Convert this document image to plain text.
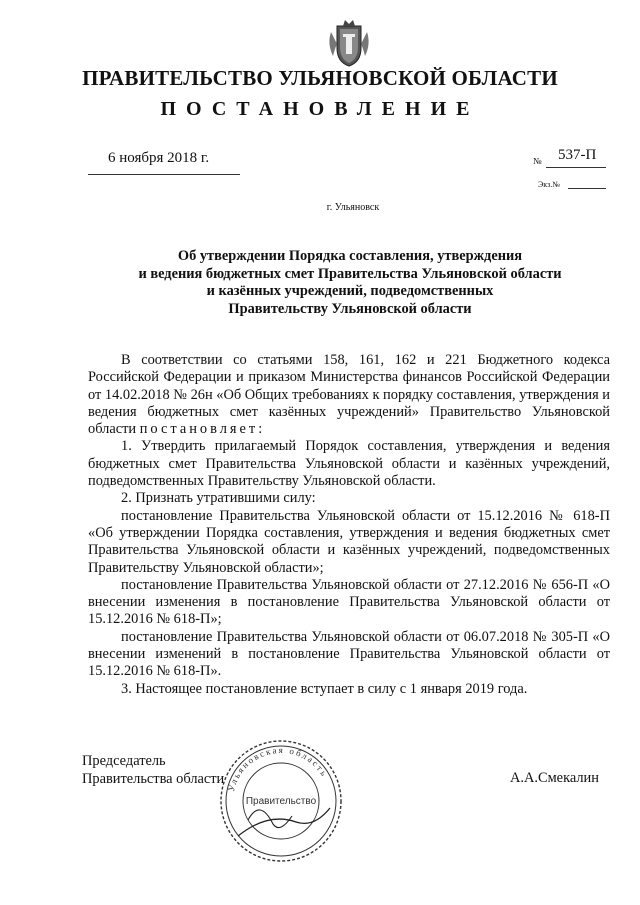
ПРАВИТЕЛЬСТВО УЛЬЯНОВСКОЙ ОБЛАСТИ
ПОСТАНОВЛЕНИЕ
6 ноября 2018 г.	№ 537-П
Экз.№
г. Ульяновск
Об утверждении Порядка составления, утверждения
и ведения бюджетных смет Правительства Ульяновской области
и казённых учреждений, подведомственных
Правительству Ульяновской области
В соответствии со статьями 158, 161, 162 и 221 Бюджетного кодекса Российской Федерации и приказом Министерства финансов Российской Федерации от 14.02.2018 № 26н «Об Общих требованиях к порядку составления, утверждения и ведения бюджетных смет казённых учреждений» Правительство Ульяновской области постановляет:
1. Утвердить прилагаемый Порядок составления, утверждения и ведения бюджетных смет Правительства Ульяновской области и казённых учреждений, подведомственных Правительству Ульяновской области.
2. Признать утратившими силу:
постановление Правительства Ульяновской области от 15.12.2016 № 618-П «Об утверждении Порядка составления, утверждения и ведения бюджетных смет Правительства Ульяновской области и казённых учреждений, подведомственных Правительству Ульяновской области»;
постановление Правительства Ульяновской области от 27.12.2016 № 656-П «О внесении изменения в постановление Правительства Ульяновской области от 15.12.2016 № 618-П»;
постановление Правительства Ульяновской области от 06.07.2018 № 305-П «О внесении изменений в постановление Правительства Ульяновской области от 15.12.2016 № 618-П».
3. Настоящее постановление вступает в силу с 1 января 2019 года.
Председатель
Правительства области	А.А.Смекалин
Ульяновская область
Правительство
